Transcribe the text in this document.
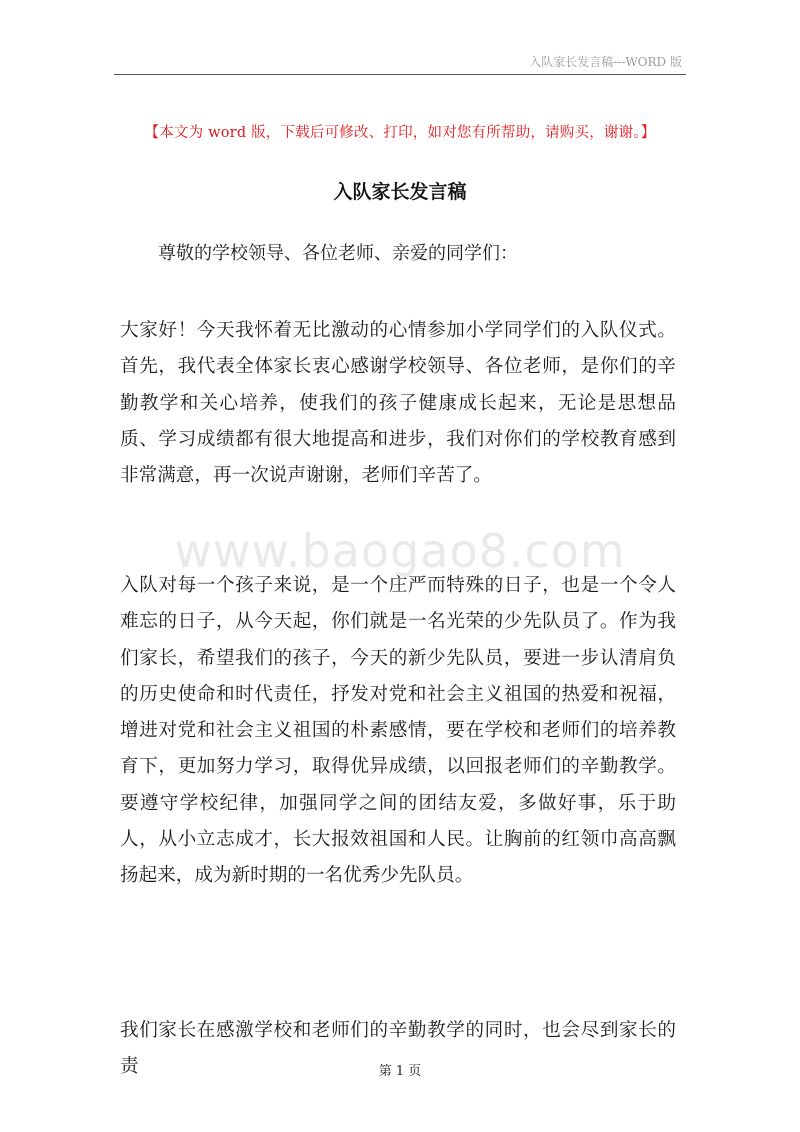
入队家长发言稿---WORD 版
【本文为 word 版，下载后可修改、打印，如对您有所帮助，请购买，谢谢。】
入队家长发言稿
尊敬的学校领导、各位老师、亲爱的同学们：

大家好！今天我怀着无比激动的心情参加小学同学们的入队仪式。首先，我代表全体家长衷心感谢学校领导、各位老师，是你们的辛勤教学和关心培养，使我们的孩子健康成长起来，无论是思想品质、学习成绩都有很大地提高和进步，我们对你们的学校教育感到非常满意，再一次说声谢谢，老师们辛苦了。

www.baogao8.com

入队对每一个孩子来说，是一个庄严而特殊的日子，也是一个令人难忘的日子，从今天起，你们就是一名光荣的少先队员了。作为我们家长，希望我们的孩子，今天的新少先队员，要进一步认清肩负的历史使命和时代责任，抒发对党和社会主义祖国的热爱和祝福，增进对党和社会主义祖国的朴素感情，要在学校和老师们的培养教育下，更加努力学习，取得优异成绩，以回报老师们的辛勤教学。要遵守学校纪律，加强同学之间的团结友爱，多做好事，乐于助人，从小立志成才，长大报效祖国和人民。让胸前的红领巾高高飘扬起来，成为新时期的一名优秀少先队员。

我们家长在感激学校和老师们的辛勤教学的同时，也会尽到家长的责	第 1 页
